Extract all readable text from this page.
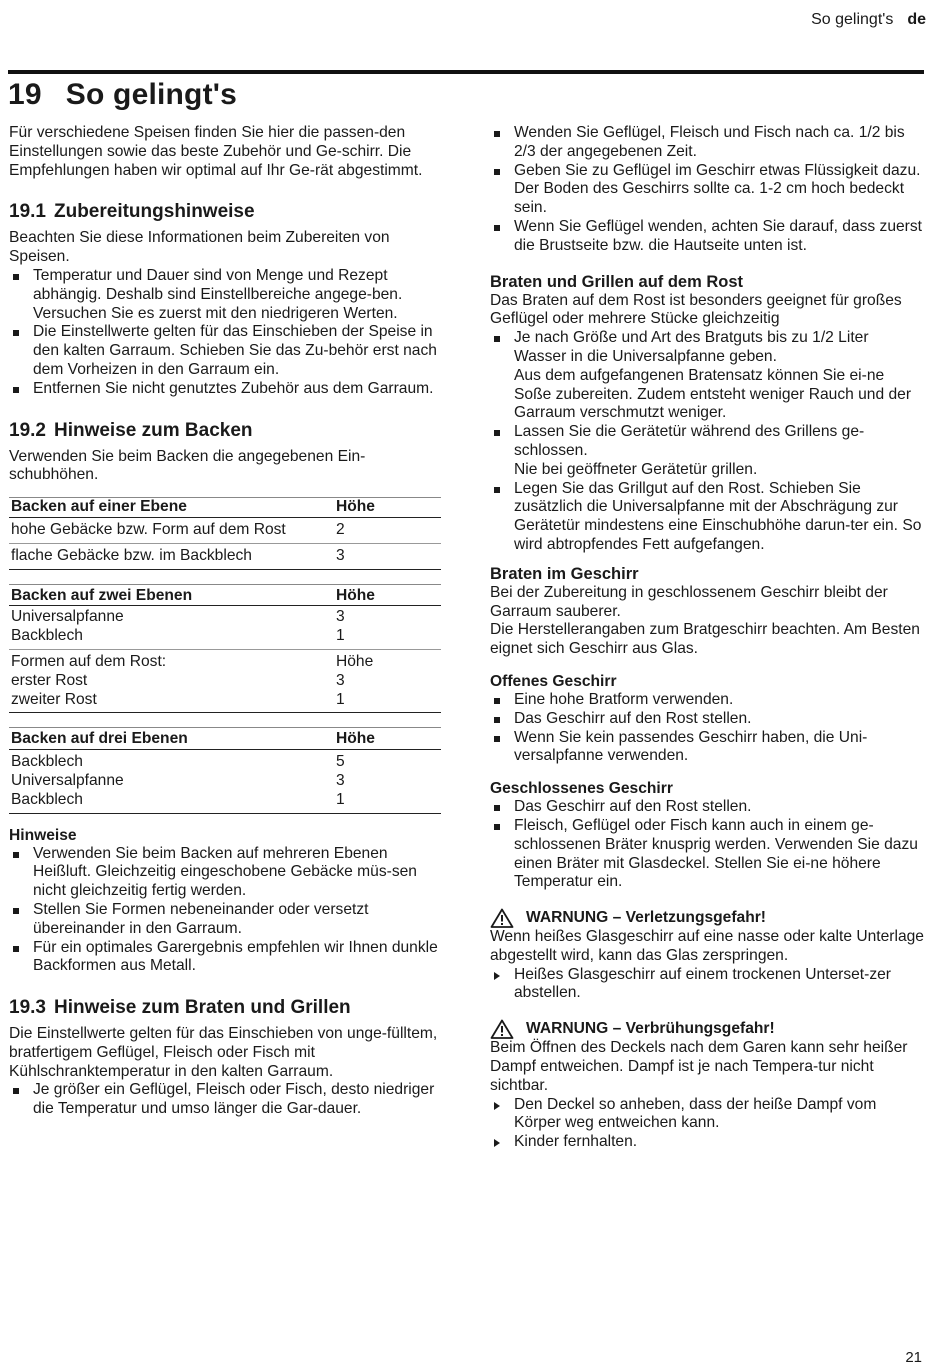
So gelingt's de
19 So gelingt's

Für verschiedene Speisen finden Sie hier die passen-den Einstellungen sowie das beste Zubehör und Ge-schirr. Die Empfehlungen haben wir optimal auf Ihr Ge-rät abgestimmt.

19.1 Zubereitungshinweise

Beachten Sie diese Informationen beim Zubereiten von Speisen.

Temperatur und Dauer sind von Menge und Rezept abhängig. Deshalb sind Einstellbereiche angege-ben. Versuchen Sie es zuerst mit den niedrigeren Werten.
Die Einstellwerte gelten für das Einschieben der Speise in den kalten Garraum. Schieben Sie das Zu-behör erst nach dem Vorheizen in den Garraum ein.
Entfernen Sie nicht genutztes Zubehör aus dem Garraum.
19.2 Hinweise zum Backen

Verwenden Sie beim Backen die angegebenen Ein-schubhöhen.

Backen auf einer Ebene	Höhe
hohe Gebäcke bzw. Form auf dem Rost	2
flache Gebäcke bzw. im Backblech	3
Backen auf zwei Ebenen	Höhe
Universalpfanne	3
Backblech	1
Formen auf dem Rost:	Höhe
erster Rost	3
zweiter Rost	1
Backen auf drei Ebenen	Höhe
Backblech	5
Universalpfanne	3
Backblech	1
Hinweise
Verwenden Sie beim Backen auf mehreren Ebenen Heißluft. Gleichzeitig eingeschobene Gebäcke müs-sen nicht gleichzeitig fertig werden.
Stellen Sie Formen nebeneinander oder versetzt übereinander in den Garraum.
Für ein optimales Garergebnis empfehlen wir Ihnen dunkle Backformen aus Metall.
19.3 Hinweise zum Braten und Grillen

Die Einstellwerte gelten für das Einschieben von unge-fülltem, bratfertigem Geflügel, Fleisch oder Fisch mit Kühlschranktemperatur in den kalten Garraum.

Je größer ein Geflügel, Fleisch oder Fisch, desto niedriger die Temperatur und umso länger die Gar-dauer.
Wenden Sie Geflügel, Fleisch und Fisch nach ca. 1/2 bis 2/3 der angegebenen Zeit.
Geben Sie zu Geflügel im Geschirr etwas Flüssigkeit dazu. Der Boden des Geschirrs sollte ca. 1-2 cm hoch bedeckt sein.
Wenn Sie Geflügel wenden, achten Sie darauf, dass zuerst die Brustseite bzw. die Hautseite unten ist.
Braten und Grillen auf dem Rost

Das Braten auf dem Rost ist besonders geeignet für großes Geflügel oder mehrere Stücke gleichzeitig

Je nach Größe und Art des Bratguts bis zu 1/2 Liter Wasser in die Universalpfanne geben.
Aus dem aufgefangenen Bratensatz können Sie ei-ne Soße zubereiten. Zudem entsteht weniger Rauch und der Garraum verschmutzt weniger.
Lassen Sie die Gerätetür während des Grillens ge-schlossen.
Nie bei geöffneter Gerätetür grillen.
Legen Sie das Grillgut auf den Rost. Schieben Sie zusätzlich die Universalpfanne mit der Abschrägung zur Gerätetür mindestens eine Einschubhöhe darun-ter ein. So wird abtropfendes Fett aufgefangen.
Braten im Geschirr

Bei der Zubereitung in geschlossenem Geschirr bleibt der Garraum sauberer.

Die Herstellerangaben zum Bratgeschirr beachten. Am Besten eignet sich Geschirr aus Glas.

Offenes Geschirr
Eine hohe Bratform verwenden.
Das Geschirr auf den Rost stellen.
Wenn Sie kein passendes Geschirr haben, die Uni-versalpfanne verwenden.
Geschlossenes Geschirr
Das Geschirr auf den Rost stellen.
Fleisch, Geflügel oder Fisch kann auch in einem ge-schlossenen Bräter knusprig werden. Verwenden Sie dazu einen Bräter mit Glasdeckel. Stellen Sie ei-ne höhere Temperatur ein.
WARNUNG – Verletzungsgefahr!

Wenn heißes Glasgeschirr auf eine nasse oder kalte Unterlage abgestellt wird, kann das Glas zerspringen.

Heißes Glasgeschirr auf einem trockenen Unterset-zer abstellen.
WARNUNG – Verbrühungsgefahr!

Beim Öffnen des Deckels nach dem Garen kann sehr heißer Dampf entweichen. Dampf ist je nach Tempera-tur nicht sichtbar.

Den Deckel so anheben, dass der heiße Dampf vom Körper weg entweichen kann.
Kinder fernhalten.
21
